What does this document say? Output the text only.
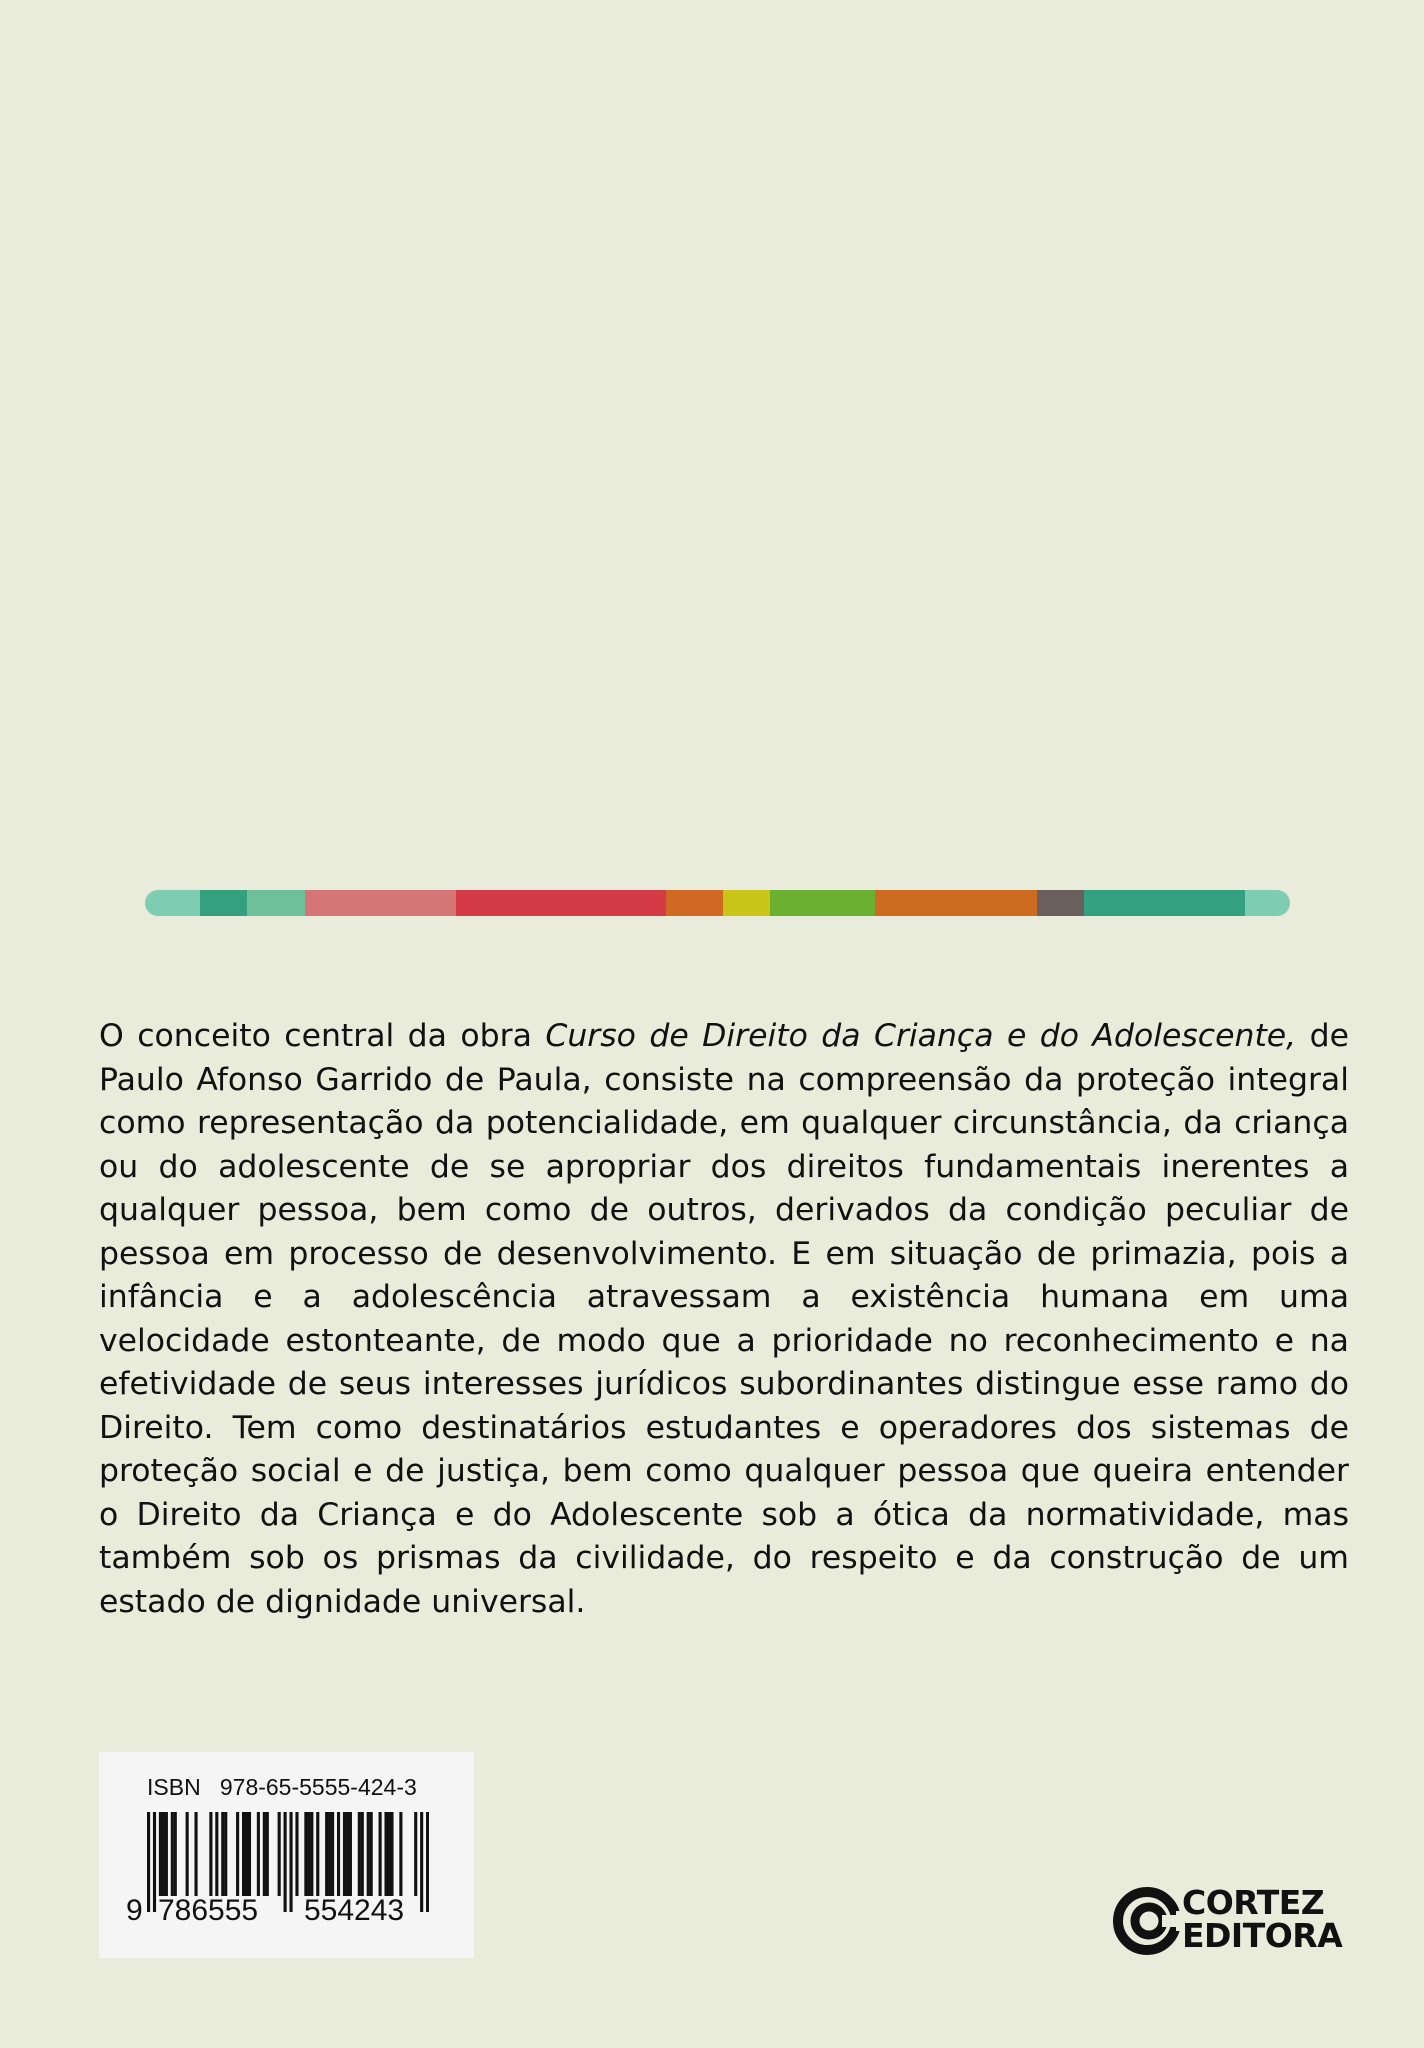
O conceito central da obra Curso de Direito da Criança e do Adolescente, de Paulo Afonso Garrido de Paula, consiste na compreensão da proteção integral como representação da potencialidade, em qualquer circunstância, da criança ou do adolescente de se apropriar dos direitos fundamentais inerentes a qualquer pessoa, bem como de outros, derivados da condição peculiar de pessoa em processo de desenvolvimento. E em situação de primazia, pois a infância e a adolescência atravessam a existência humana em uma velocidade estonteante, de modo que a prioridade no reconhecimento e na efetividade de seus interesses jurídicos subordinantes distingue esse ramo do Direito. Tem como destinatários estudantes e operadores dos sistemas de proteção social e de justiça, bem como qualquer pessoa que queira entender o Direito da Criança e do Adolescente sob a ótica da normatividade, mas também sob os prismas da civilidade, do respeito e da construção de um estado de dignidade universal.

ISBN 978-65-5555-424-3
9 786555 554243	CORTEZ
EDITORA
